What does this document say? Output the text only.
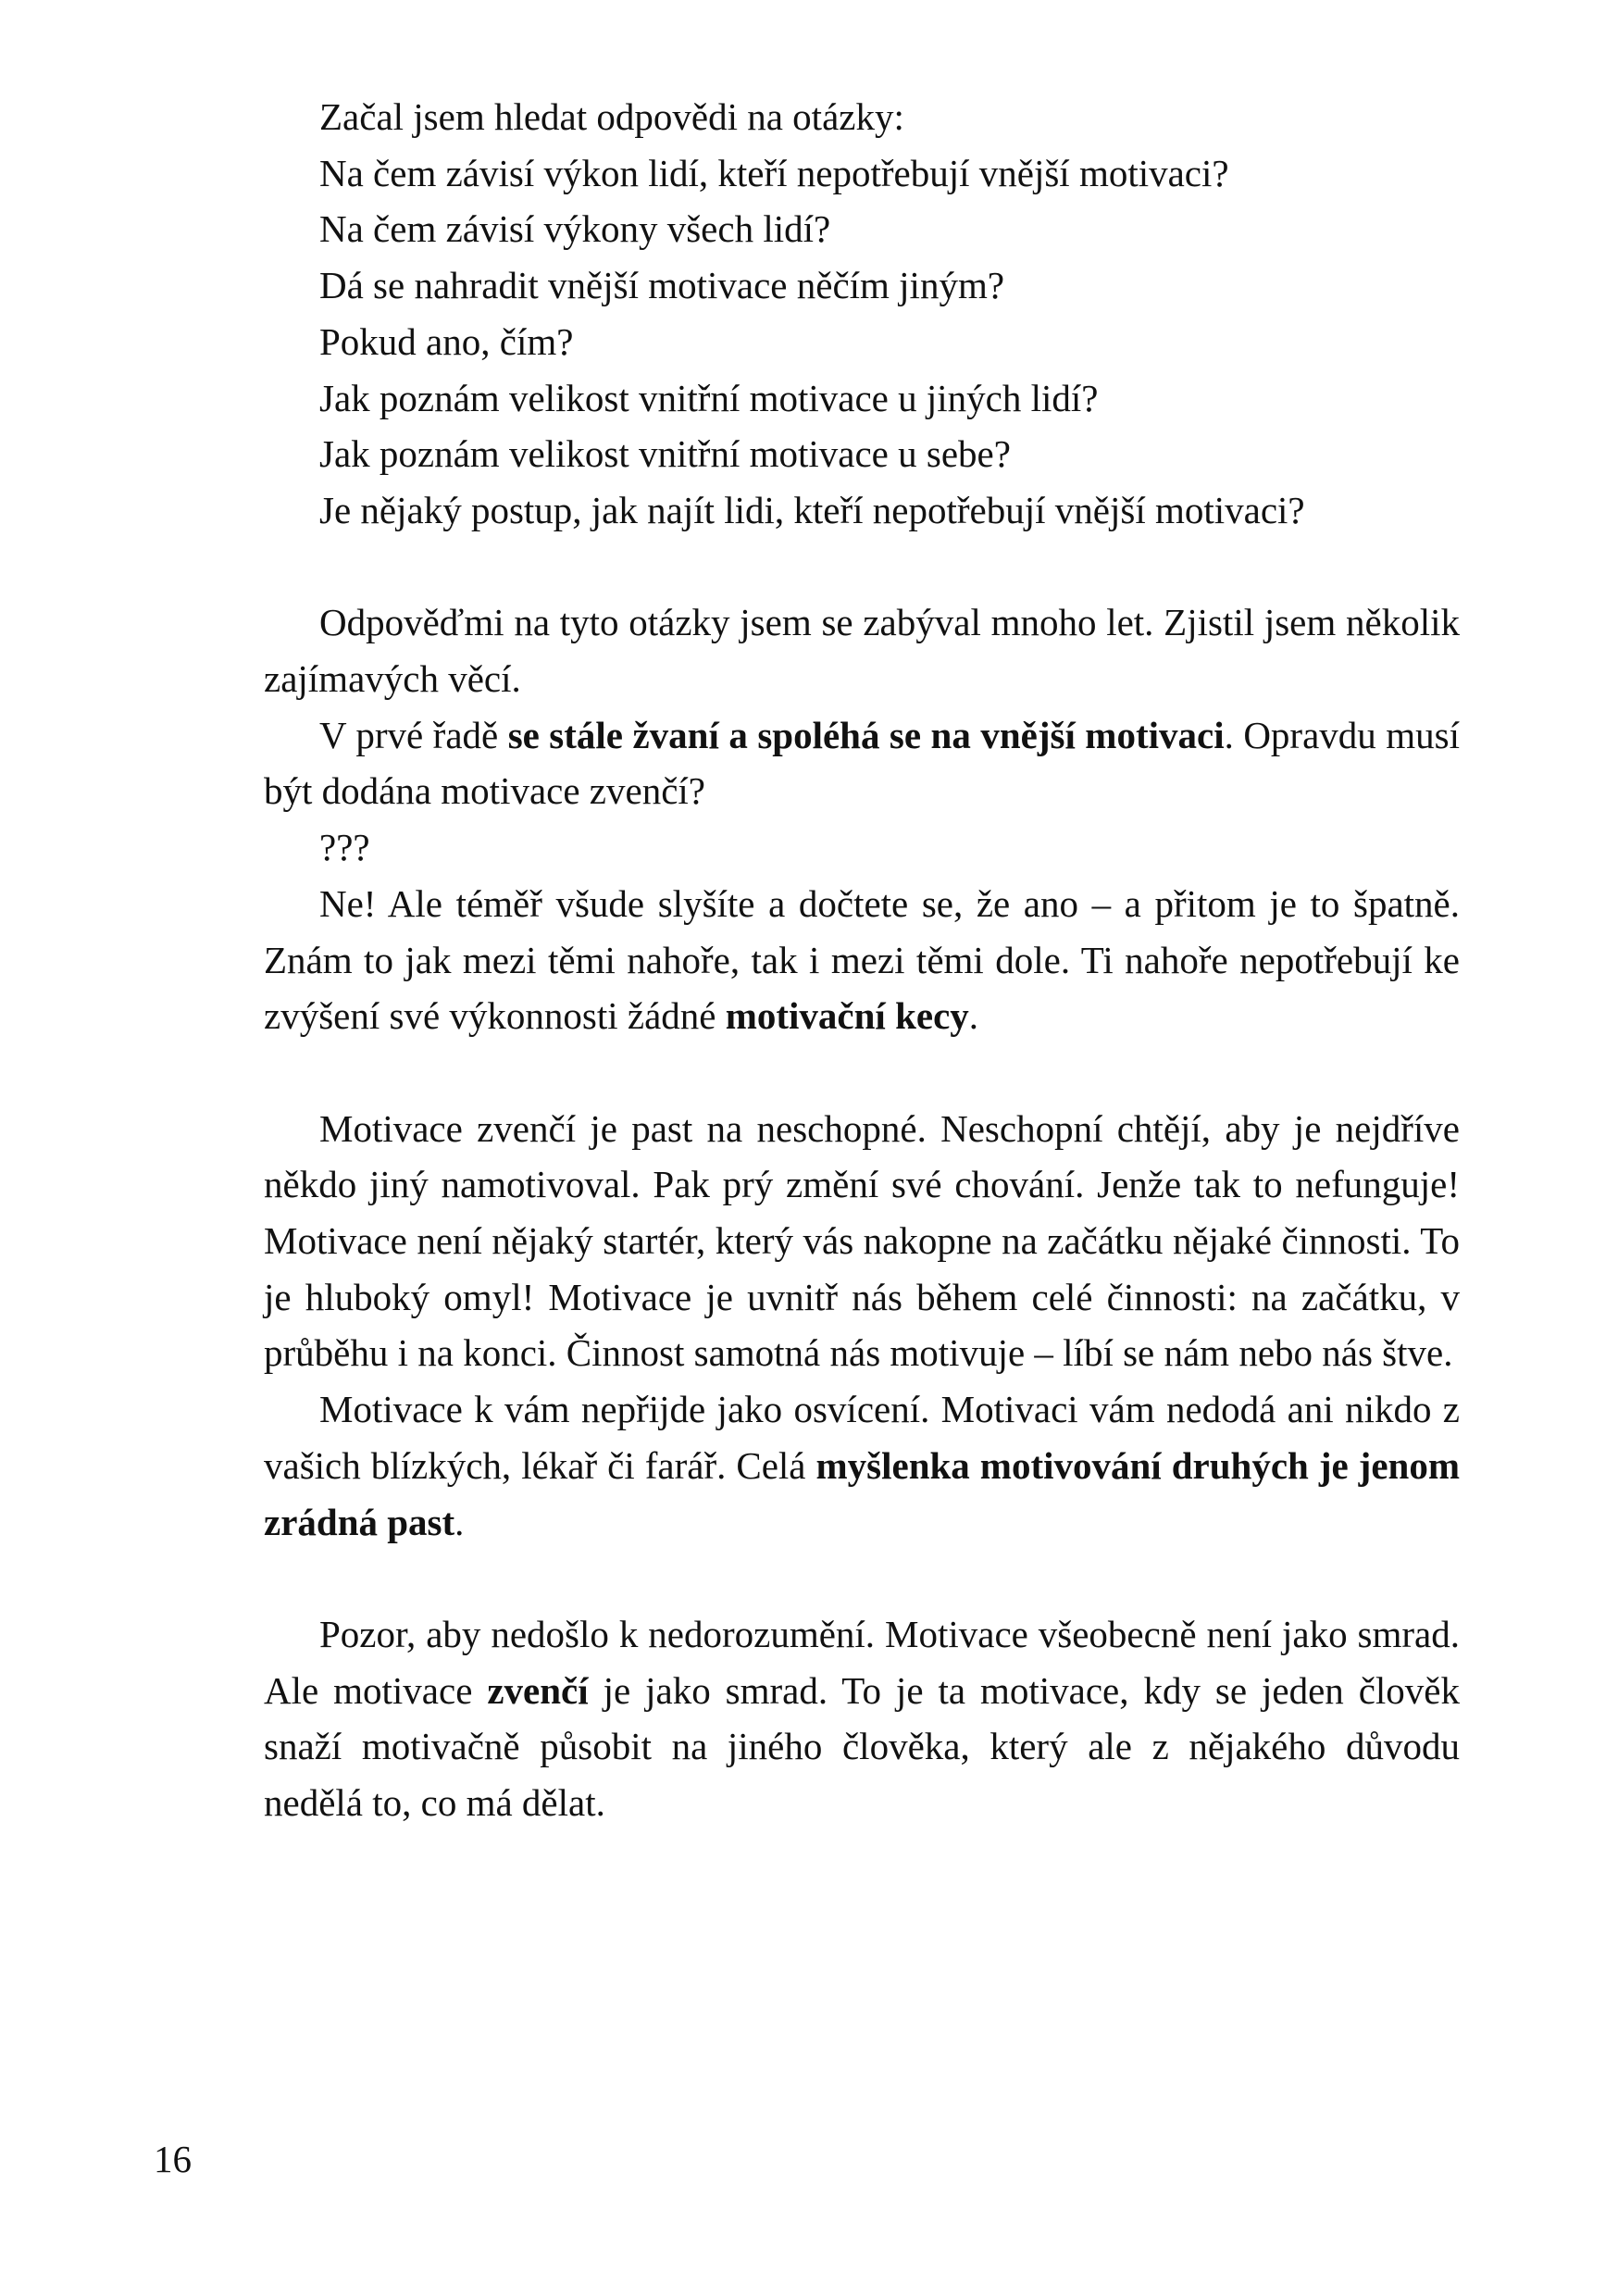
Začal jsem hledat odpovědi na otázky:

Na čem závisí výkon lidí, kteří nepotřebují vnější motivaci?

Na čem závisí výkony všech lidí?

Dá se nahradit vnější motivace něčím jiným?

Pokud ano, čím?

Jak poznám velikost vnitřní motivace u jiných lidí?

Jak poznám velikost vnitřní motivace u sebe?

Je nějaký postup, jak najít lidi, kteří nepotřebují vnější motivaci?

Odpověďmi na tyto otázky jsem se zabýval mnoho let. Zjistil jsem několik zajímavých věcí.

V prvé řadě se stále žvaní a spoléhá se na vnější motivaci. Opravdu musí být dodána motivace zvenčí?

???

Ne! Ale téměř všude slyšíte a dočtete se, že ano – a přitom je to špatně. Znám to jak mezi těmi nahoře, tak i mezi těmi dole. Ti nahoře nepotřebují ke zvýšení své výkonnosti žádné motivační kecy.

Motivace zvenčí je past na neschopné. Neschopní chtějí, aby je nejdříve někdo jiný namotivoval. Pak prý změní své chování. Jenže tak to nefunguje! Motivace není nějaký startér, který vás nakopne na začátku nějaké činnosti. To je hluboký omyl! Motivace je uvnitř nás během celé činnosti: na začátku, v průběhu i na konci. Činnost samotná nás motivuje – líbí se nám nebo nás štve.

Motivace k vám nepřijde jako osvícení. Motivaci vám nedodá ani nikdo z vašich blízkých, lékař či farář. Celá myšlenka motivování druhých je jenom zrádná past.

Pozor, aby nedošlo k nedorozumění. Motivace všeobecně není jako smrad. Ale motivace zvenčí je jako smrad. To je ta motivace, kdy se jeden člověk snaží motivačně působit na jiného člověka, který ale z nějakého důvodu nedělá to, co má dělat.

16
